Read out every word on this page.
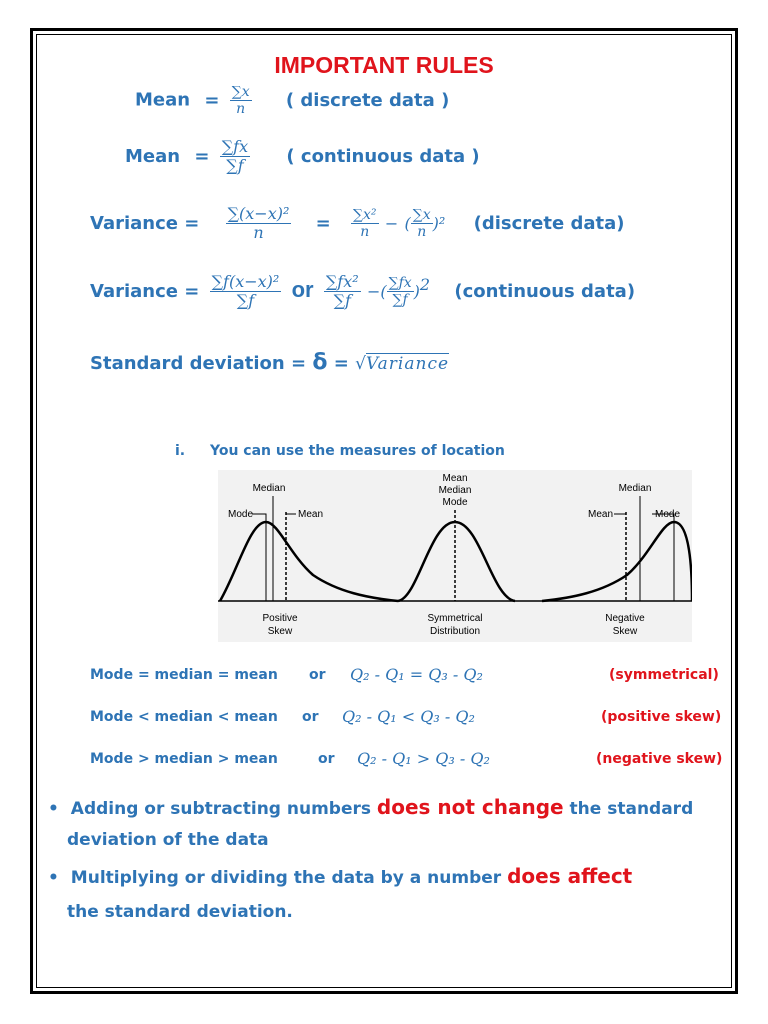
IMPORTANT RULES
Mean = $\frac{\sum x}{n}$ ( discrete data )
Mean = $\frac{\sum fx}{\sum f}$ ( continuous data )
Variance = $\frac{\text{∑(x−x)²}}{n} = \frac{\text{∑x²}}{n}$ − ( $\frac{\sum x}{n} )^2$ (discrete data)
Variance = $\frac{\text{∑f(x−x)²}}{\sum f}$ or $\frac{\text{∑fx²}}{\sum f}$ −( $\frac{\sum fx}{\sum f} )^2$ (continuous data)
Standard deviation = δ = √Variance
i. You can use the measures of location
Positive
Skew
Symmetrical
Distribution
Negative
Skew
Median
Mode	Mean
Mean
Median
Mode
Median
Mean	Mode
Mode = median = mean or Q₂ - Q₁ = Q₃ - Q₂	(symmetrical)
Mode < median < mean or Q₂ - Q₁ < Q₃ - Q₂	(positive skew)
Mode > median > mean	or Q₂ - Q₁ > Q₃ - Q₂	(negative skew)
• Adding or subtracting numbers does not change the standard
deviation of the data
• Multiplying or dividing the data by a number does affect
the standard deviation.
